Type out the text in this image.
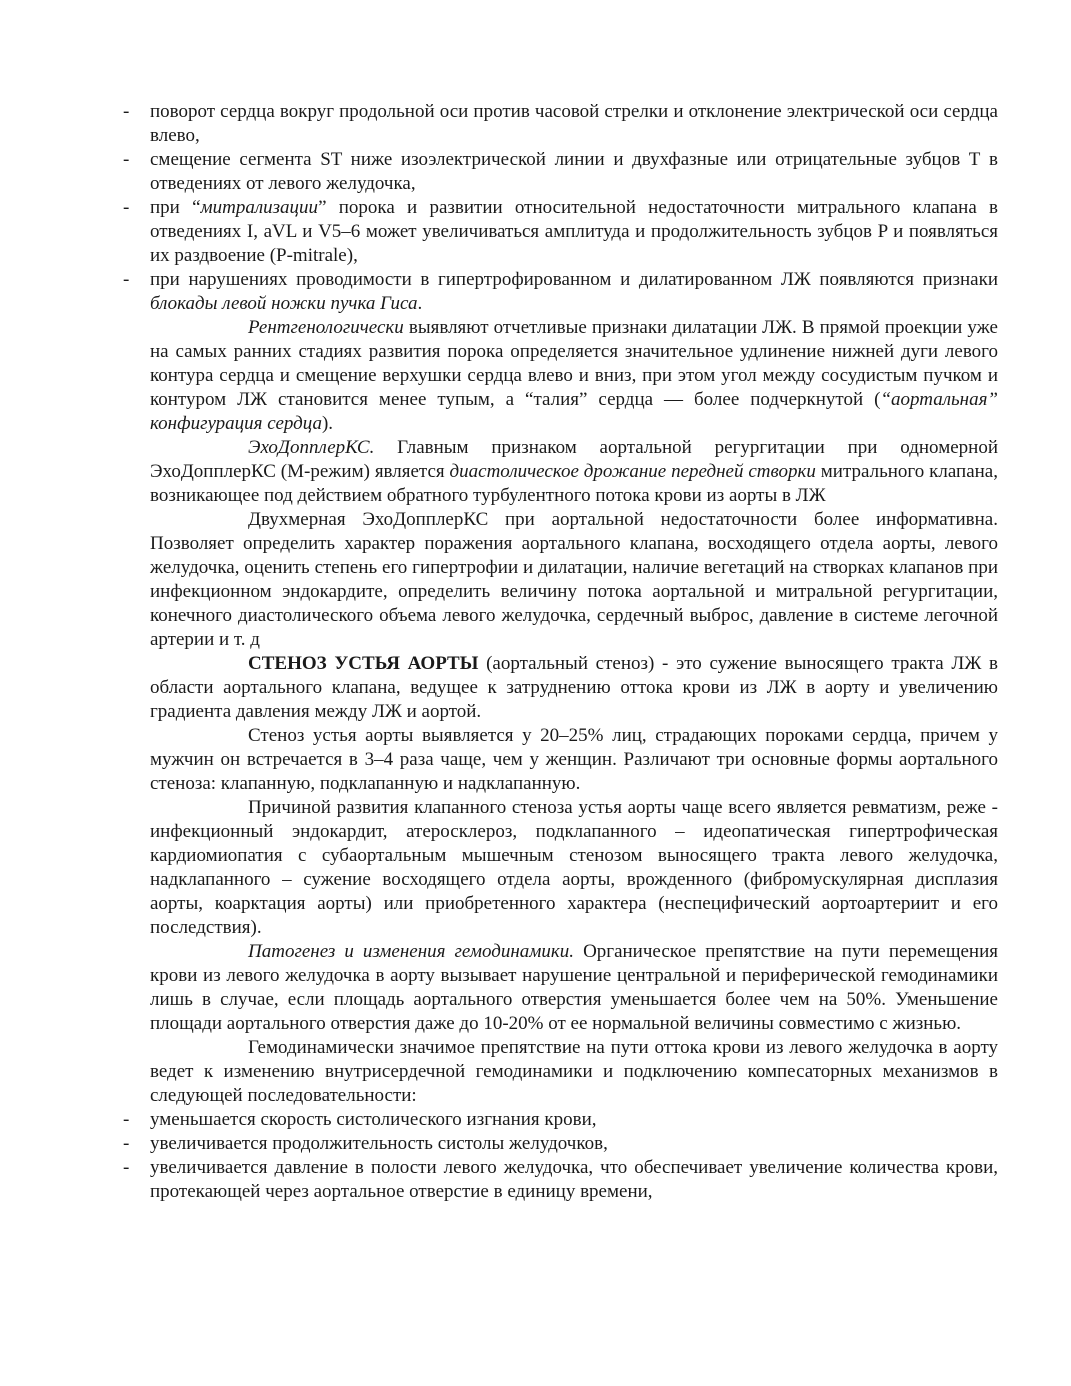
- поворот сердца вокруг продольной оси против часовой стрелки и отклонение электрической оси сердца влево,
- смещение сегмента ST ниже изоэлектрической линии и двухфазные или отрицательные зубцов Т в отведениях от левого желудочка,
- при “митрализации” порока и развитии относительной недостаточности митрального клапана в отведениях I, aVL и V5–6 может увеличиваться амплитуда и продолжительность зубцов P и появляться их раздвоение (P-mitrale),
- при нарушениях проводимости в гипертрофированном и дилатированном ЛЖ появляются признаки блокады левой ножки пучка Гиса.

Рентгенологически выявляют отчетливые признаки дилатации ЛЖ. В прямой проекции уже на самых ранних стадиях развития порока определяется значительное удлинение нижней дуги левого контура сердца и смещение верхушки сердца влево и вниз, при этом угол между сосудистым пучком и контуром ЛЖ становится менее тупым, а “талия” сердца — более подчеркнутой (“аортальная” конфигурация сердца).

ЭхоДопплерКС. Главным признаком аортальной регургитации при одномерной ЭхоДопплерКС (М-режим) является диастолическое дрожание передней створки митрального клапана, возникающее под действием обратного турбулентного потока крови из аорты в ЛЖ

Двухмерная ЭхоДопплерКС при аортальной недостаточности более информативна. Позволяет определить характер поражения аортального клапана, восходящего отдела аорты, левого желудочка, оценить степень его гипертрофии и дилатации, наличие вегетаций на створках клапанов при инфекционном эндокардите, определить величину потока аортальной и митральной регургитации, конечного диастолического объема левого желудочка, сердечный выброс, давление в системе легочной артерии и т. д

СТЕНОЗ УСТЬЯ АОРТЫ (аортальный стеноз) - это сужение выносящего тракта ЛЖ в области аортального клапана, ведущее к затруднению оттока крови из ЛЖ в аорту и увеличению градиента давления между ЛЖ и аортой.

Стеноз устья аорты выявляется у 20–25% лиц, страдающих пороками сердца, причем у мужчин он встречается в 3–4 раза чаще, чем у женщин. Различают три основные формы аортального стеноза: клапанную, подклапанную и надклапанную.

Причиной развития клапанного стеноза устья аорты чаще всего является ревматизм, реже - инфекционный эндокардит, атеросклероз, подклапанного – идеопатическая гипертрофическая кардиомиопатия с субаортальным мышечным стенозом выносящего тракта левого желудочка, надклапанного – сужение восходящего отдела аорты, врожденного (фибромускулярная дисплазия аорты, коарктация аорты) или приобретенного характера (неспецифический аортоартериит и его последствия).

Патогенез и изменения гемодинамики. Органическое препятствие на пути перемещения крови из левого желудочка в аорту вызывает нарушение центральной и периферической гемодинамики лишь в случае, если площадь аортального отверстия уменьшается более чем на 50%. Уменьшение площади аортального отверстия даже до 10-20% от ее нормальной величины совместимо с жизнью.

Гемодинамически значимое препятствие на пути оттока крови из левого желудочка в аорту ведет к изменению внутрисердечной гемодинамики и подключению компесаторных механизмов в следующей последовательности:

- уменьшается скорость систолического изгнания крови,
- увеличивается продолжительность систолы желудочков,
- увеличивается давление в полости левого желудочка, что обеспечивает увеличение количества крови, протекающей через аортальное отверстие в единицу времени,
